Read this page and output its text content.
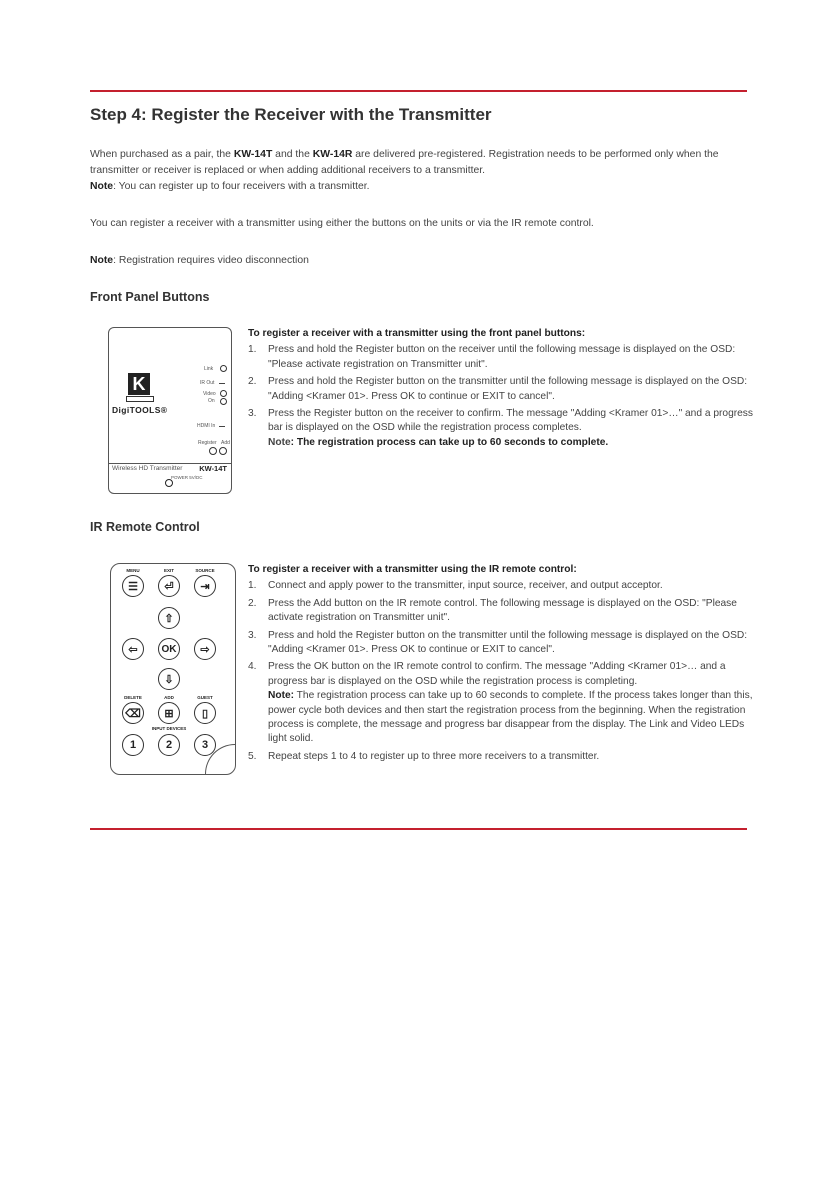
Step 4: Register the Receiver with the Transmitter

When purchased as a pair, the KW-14T and the KW-14R are delivered pre-registered. Registration needs to be performed only when the transmitter or receiver is replaced or when adding additional receivers to a transmitter.
Note: You can register up to four receivers with a transmitter.

You can register a receiver with a transmitter using either the buttons on the units or via the IR remote control.

Note: Registration requires video disconnection

Front Panel Buttons
K
DigiTOOLS®
Link
IR Out
Video
On
HDMI In
Register Add
Wireless HD Transmitter KW-14T
POWER 5V/DC
To register a receiver with a transmitter using the front panel buttons:
1. Press and hold the Register button on the receiver until the following message is displayed on the OSD: "Please activate registration on Transmitter unit".
2. Press and hold the Register button on the transmitter until the following message is displayed on the OSD: "Adding <Kramer 01>. Press OK to continue or EXIT to cancel".
3. Press the Register button on the receiver to confirm. The message "Adding <Kramer 01>…" and a progress bar is displayed on the OSD while the registration process completes.
Note: The registration process can take up to 60 seconds to complete.
IR Remote Control
MENU	EXIT	SOURCE
☰	⏎	⇥
⇧
⇦	OK	⇨
⇩
DELETE	ADD	GUEST
⌫	⊞	▯
INPUT DEVICES
1	2	3
To register a receiver with a transmitter using the IR remote control:
1. Connect and apply power to the transmitter, input source, receiver, and output acceptor.
2. Press the Add button on the IR remote control. The following message is displayed on the OSD: "Please activate registration on Transmitter unit".
3. Press and hold the Register button on the transmitter until the following message is displayed on the OSD: "Adding <Kramer 01>. Press OK to continue or EXIT to cancel".
4. Press the OK button on the IR remote control to confirm. The message "Adding <Kramer 01>… and a progress bar is displayed on the OSD while the registration process is completing.
Note: The registration process can take up to 60 seconds to complete. If the process takes longer than this, power cycle both devices and then start the registration process from the beginning. When the registration process is complete, the message and progress bar disappear from the display. The Link and Video LEDs light solid.
5. Repeat steps 1 to 4 to register up to three more receivers to a transmitter.
